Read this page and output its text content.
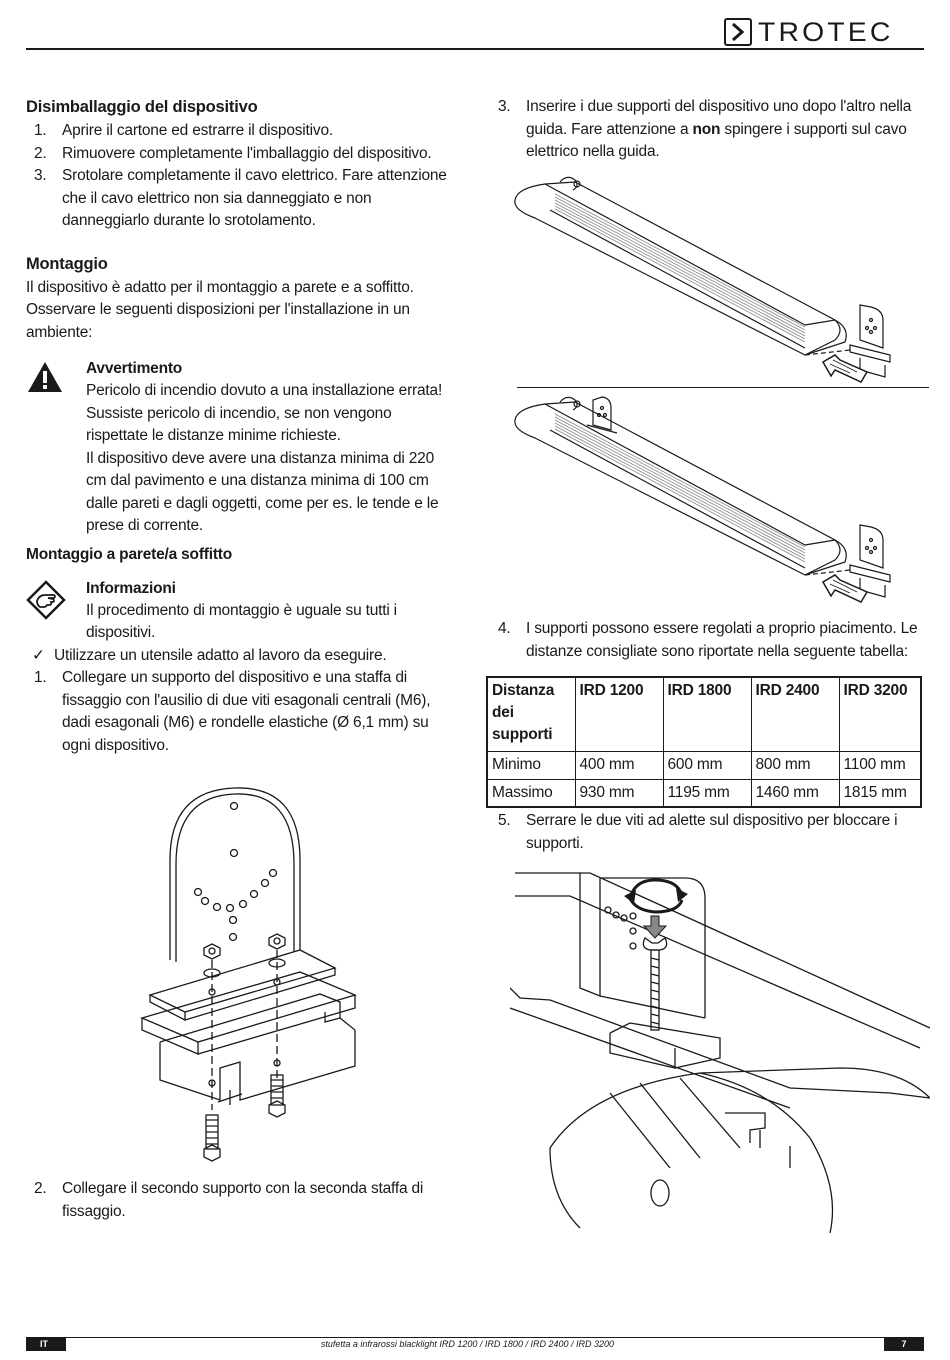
TROTEC
Disimballaggio del dispositivo
1. Aprire il cartone ed estrarre il dispositivo.
2. Rimuovere completamente l'imballaggio del dispositivo.
3. Srotolare completamente il cavo elettrico. Fare attenzione che il cavo elettrico non sia danneggiato e non danneggiarlo durante lo srotolamento.
Montaggio

Il dispositivo è adatto per il montaggio a parete e a soffitto. Osservare le seguenti disposizioni per l'installazione in un ambiente:

Avvertimento

Pericolo di incendio dovuto a una installazione errata!

Sussiste pericolo di incendio, se non vengono rispettate le distanze minime richieste.

Il dispositivo deve avere una distanza minima di 220 cm dal pavimento e una distanza minima di 100 cm dalle pareti e dagli oggetti, come per es. le tende e le prese di corrente.

Montaggio a parete/a soffitto
Informazioni

Il procedimento di montaggio è uguale su tutti i dispositivi.

✓ Utilizzare un utensile adatto al lavoro da eseguire.
1. Collegare un supporto del dispositivo e una staffa di fissaggio con l'ausilio di due viti esagonali centrali (M6), dadi esagonali (M6) e rondelle elastiche (Ø 6,1 mm) su ogni dispositivo.
2. Collegare il secondo supporto con la seconda staffa di fissaggio.
3. Inserire i due supporti del dispositivo uno dopo l'altro nella guida. Fare attenzione a non spingere i supporti sul cavo elettrico nella guida.
4. I supporti possono essere regolati a proprio piacimento. Le distanze consigliate sono riportate nella seguente tabella:
Distanza dei supporti	IRD 1200	IRD 1800	IRD 2400	IRD 3200
Minimo	400 mm	600 mm	800 mm	1100 mm
Massimo	930 mm	1195 mm	1460 mm	1815 mm
5. Serrare le due viti ad alette sul dispositivo per bloccare i supporti.
IT	stufetta a infrarossi blacklight IRD 1200 / IRD 1800 / IRD 2400 / IRD 3200	7
